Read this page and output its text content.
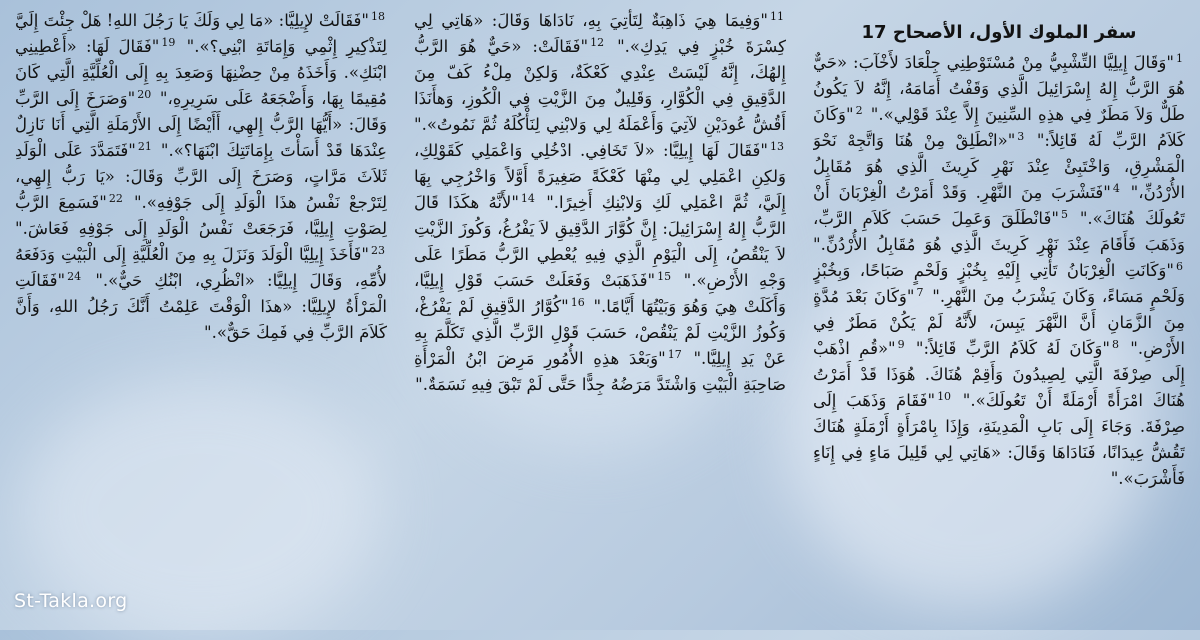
سفر الملوك الأول، الأصحاح 17

$^1$"وَقَالَ إِيلِيَّا التِّشْبِيُّ مِنْ مُسْتَوْطِنِي جِلْعَادَ لأَخْآبَ: «حَيٌّ هُوَ الرَّبُّ إِلهُ إِسْرَائِيلَ الَّذِي وَقَفْتُ أَمَامَهُ، إِنَّهُ لاَ يَكُونُ طَلٌّ وَلاَ مَطَرٌ فِي هذِهِ السِّنِينَ إِلاَّ عِنْدَ قَوْلِي»." $^2$"وَكَانَ كَلاَمُ الرَّبِّ لَهُ قَائِلاً:" $^3$"«انْطَلِقْ مِنْ هُنَا وَاتَّجِهْ نَحْوَ الْمَشْرِقِ، وَاخْتَبِئْ عِنْدَ نَهْرِ كَرِيثَ الَّذِي هُوَ مُقَابِلُ الأُرْدُنِّ،" $^4$"فَتَشْرَبَ مِنَ النَّهْرِ. وَقَدْ أَمَرْتُ الْغِرْبَانَ أَنْ تَعُولَكَ هُنَاكَ»." $^5$"فَانْطَلَقَ وَعَمِلَ حَسَبَ كَلاَمِ الرَّبِّ، وَذَهَبَ فَأَقَامَ عِنْدَ نَهْرِ كَرِيثَ الَّذِي هُوَ مُقَابِلُ الأُرْدُنِّ." $^6$"وَكَانَتِ الْغِرْبَانُ تَأْتِي إِلَيْهِ بِخُبْزٍ وَلَحْمٍ صَبَاحًا، وَبِخُبْزٍ وَلَحْمٍ مَسَاءً، وَكَانَ يَشْرَبُ مِنَ النَّهْرِ." $^7$"وَكَانَ بَعْدَ مُدَّةٍ مِنَ الزَّمَانِ أَنَّ النَّهْرَ يَبِسَ، لأَنَّهُ لَمْ يَكُنْ مَطَرٌ فِي الأَرْضِ." $^8$"وَكَانَ لَهُ كَلاَمُ الرَّبِّ قَائِلاً:" $^9$"«قُمِ اذْهَبْ إِلَى صِرْفَةَ الَّتِي لِصِيدُونَ وَأَقِمْ هُنَاكَ. هُوَذَا قَدْ أَمَرْتُ هُنَاكَ امْرَأَةً أَرْمَلَةً أَنْ تَعُولَكَ»." $^{10}$"فَقَامَ وَذَهَبَ إِلَى صِرْفَةَ. وَجَاءَ إِلَى بَابِ الْمَدِينَةِ، وَإِذَا بِامْرَأَةٍ أَرْمَلَةٍ هُنَاكَ تَقُشُّ عِيدَانًا، فَنَادَاهَا وَقَالَ: «هَاتِي لِي قَلِيلَ مَاءٍ فِي إِنَاءٍ فَأَشْرَبَ»."

$^{11}$"وَفِيمَا هِيَ ذَاهِبَةٌ لِتَأْتِيَ بِهِ، نَادَاهَا وَقَالَ: «هَاتِي لِي كِسْرَةَ خُبْزٍ فِي يَدِكِ»." $^{12}$"فَقَالَتْ: «حَيٌّ هُوَ الرَّبُّ إِلهُكَ، إِنَّهُ لَيْسَتْ عِنْدِي كَعْكَةٌ، وَلكِنْ مِلْءُ كَفّ مِنَ الدَّقِيقِ فِي الْكُوَّارِ، وَقَلِيلٌ مِنَ الزَّيْتِ فِي الْكُوزِ، وَهأَنَذَا أَقُشُّ عُودَيْنِ لآتِيَ وَأَعْمَلَهُ لِي وَلابْنِي لِنَأْكُلَهُ ثُمَّ نَمُوتُ»." $^{13}$"فَقَالَ لَهَا إِيلِيَّا: «لاَ تَخَافِي. ادْخُلِي وَاعْمَلِي كَقَوْلِكِ، وَلكِنِ اعْمَلِي لِي مِنْهَا كَعْكَةً صَغِيرَةً أَوَّلاً وَاخْرُجِي بِهَا إِلَيَّ، ثُمَّ اعْمَلِي لَكِ وَلابْنِكِ أَخِيرًا." $^{14}$"لأَنَّهُ هكَذَا قَالَ الرَّبُّ إِلهُ إِسْرَائِيلَ: إِنَّ كُوَّارَ الدَّقِيقِ لاَ يَفْرُغُ، وَكُوزَ الزَّيْتِ لاَ يَنْقُصُ، إِلَى الْيَوْمِ الَّذِي فِيهِ يُعْطِي الرَّبُّ مَطَرًا عَلَى وَجْهِ الأَرْضِ»." $^{15}$"فَذَهَبَتْ وَفَعَلَتْ حَسَبَ قَوْلِ إِيلِيَّا، وَأَكَلَتْ هِيَ وَهُوَ وَبَيْتُهَا أَيَّامًا." $^{16}$"كُوَّارُ الدَّقِيقِ لَمْ يَفْرُغْ، وَكُوزُ الزَّيْتِ لَمْ يَنْقُصْ، حَسَبَ قَوْلِ الرَّبِّ الَّذِي تَكَلَّمَ بِهِ عَنْ يَدِ إِيلِيَّا." $^{17}$"وَبَعْدَ هذِهِ الأُمُورِ مَرِضَ ابْنُ الْمَرْأَةِ صَاحِبَةِ الْبَيْتِ وَاشْتَدَّ مَرَضُهُ جِدًّا حَتَّى لَمْ تَبْقَ فِيهِ نَسَمَةٌ."

$^{18}$"فَقَالَتْ لإِيلِيَّا: «مَا لِي وَلَكَ يَا رَجُلَ اللهِ! هَلْ جِئْتَ إِلَيَّ لِتَذْكِيرِ إِثْمِي وَإِمَاتَةِ ابْنِي؟»." $^{19}$"فَقَالَ لَهَا: «أَعْطِينِي ابْنَكِ». وَأَخَذَهُ مِنْ حِضْنِهَا وَصَعِدَ بِهِ إِلَى الْعُلِّيَّةِ الَّتِي كَانَ مُقِيمًا بِهَا، وَأَضْجَعَهُ عَلَى سَرِيرِهِ،" $^{20}$"وَصَرَخَ إِلَى الرَّبِّ وَقَالَ: «أَيُّهَا الرَّبُّ إِلهِي، أَأَيْضًا إِلَى الأَرْمَلَةِ الَّتِي أَنَا نَازِلٌ عِنْدَهَا قَدْ أَسَأْتَ بِإِمَاتَتِكَ ابْنَهَا؟»." $^{21}$"فَتَمَدَّدَ عَلَى الْوَلَدِ ثَلاَثَ مَرَّاتٍ، وَصَرَخَ إِلَى الرَّبِّ وَقَالَ: «يَا رَبُّ إِلهِي، لِتَرْجعْ نَفْسُ هذَا الْوَلَدِ إِلَى جَوْفِهِ»." $^{22}$"فَسَمِعَ الرَّبُّ لِصَوْتِ إِيلِيَّا، فَرَجَعَتْ نَفْسُ الْوَلَدِ إِلَى جَوْفِهِ فَعَاشَ." $^{23}$"فَأَخَذَ إِيلِيَّا الْوَلَدَ وَنَزَلَ بِهِ مِنَ الْعُلِّيَّةِ إِلَى الْبَيْتِ وَدَفَعَهُ لأُمِّهِ، وَقَالَ إِيلِيَّا: «انْظُرِي، ابْنُكِ حَيٌّ»." $^{24}$"فَقَالَتِ الْمَرْأَةُ لإِيلِيَّا: «هذَا الْوَقْتَ عَلِمْتُ أَنَّكَ رَجُلُ اللهِ، وَأَنَّ كَلاَمَ الرَّبِّ فِي فَمِكَ حَقٌّ»."

St-Takla.org
